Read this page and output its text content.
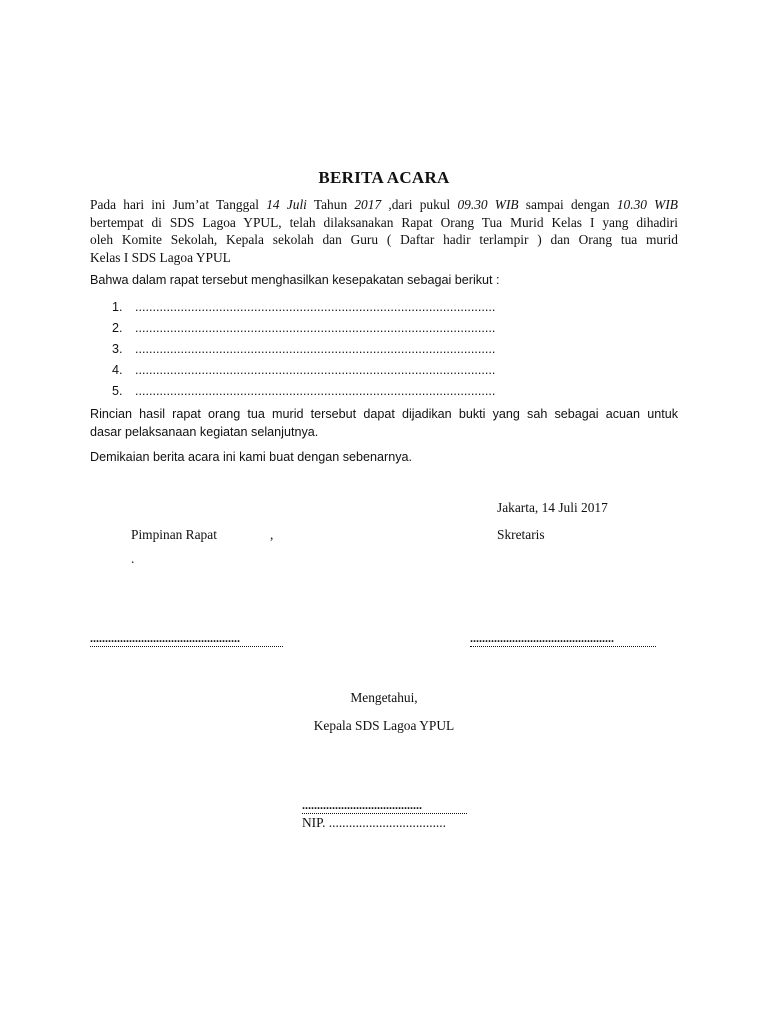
BERITA ACARA
Pada hari ini Jum’at Tanggal 14 Juli Tahun 2017 ,dari pukul 09.30 WIB sampai dengan 10.30 WIB
bertempat di SDS Lagoa YPUL, telah dilaksanakan Rapat Orang Tua Murid Kelas I yang dihadiri
oleh Komite Sekolah, Kepala sekolah dan Guru ( Daftar hadir terlampir ) dan Orang tua murid
Kelas I SDS Lagoa YPUL
Bahwa dalam rapat tersebut menghasilkan kesepakatan sebagai berikut :
1. .......................................................................................................
2. .......................................................................................................
3. .......................................................................................................
4. .......................................................................................................
5. .......................................................................................................
Rincian hasil rapat orang tua murid tersebut dapat dijadikan bukti yang sah sebagai acuan untuk
dasar pelaksanaan kegiatan selanjutnya.
Demikaian berita acara ini kami buat dengan sebenarnya.
Jakarta, 14 Juli 2017
Pimpinan Rapat	,
.
Skretaris
..................................................	................................................
Mengetahui,
Kepala SDS Lagoa YPUL
........................................
NIP. ...................................
